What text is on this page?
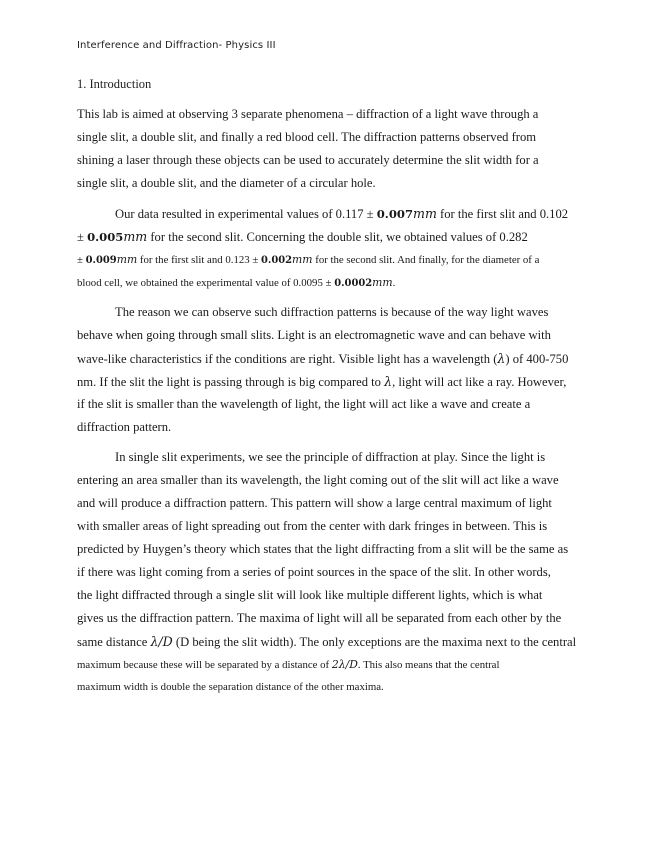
Interference and Diffraction- Physics III
1. Introduction
This lab is aimed at observing 3 separate phenomena – diffraction of a light wave through a
single slit, a double slit, and finally a red blood cell. The diffraction patterns observed from
shining a laser through these objects can be used to accurately determine the slit width for a
single slit, a double slit, and the diameter of a circular hole.
Our data resulted in experimental values of 0.117 ± 0.007mm for the first slit and 0.102
± 0.005mm for the second slit. Concerning the double slit, we obtained values of 0.282
± 0.009mm for the first slit and 0.123 ± 0.002mm for the second slit. And finally, for the diameter of a
blood cell, we obtained the experimental value of 0.0095 ± 0.0002mm.
The reason we can observe such diffraction patterns is because of the way light waves
behave when going through small slits. Light is an electromagnetic wave and can behave with
wave-like characteristics if the conditions are right. Visible light has a wavelength (λ) of 400-750
nm. If the slit the light is passing through is big compared to λ, light will act like a ray. However,
if the slit is smaller than the wavelength of light, the light will act like a wave and create a
diffraction pattern.
In single slit experiments, we see the principle of diffraction at play. Since the light is
entering an area smaller than its wavelength, the light coming out of the slit will act like a wave
and will produce a diffraction pattern. This pattern will show a large central maximum of light
with smaller areas of light spreading out from the center with dark fringes in between. This is
predicted by Huygen’s theory which states that the light diffracting from a slit will be the same as
if there was light coming from a series of point sources in the space of the slit. In other words,
the light diffracted through a single slit will look like multiple different lights, which is what
gives us the diffraction pattern. The maxima of light will all be separated from each other by the
same distance λ/D (D being the slit width). The only exceptions are the maxima next to the central
maximum because these will be separated by a distance of 2λ/D. This also means that the central
maximum width is double the separation distance of the other maxima.
